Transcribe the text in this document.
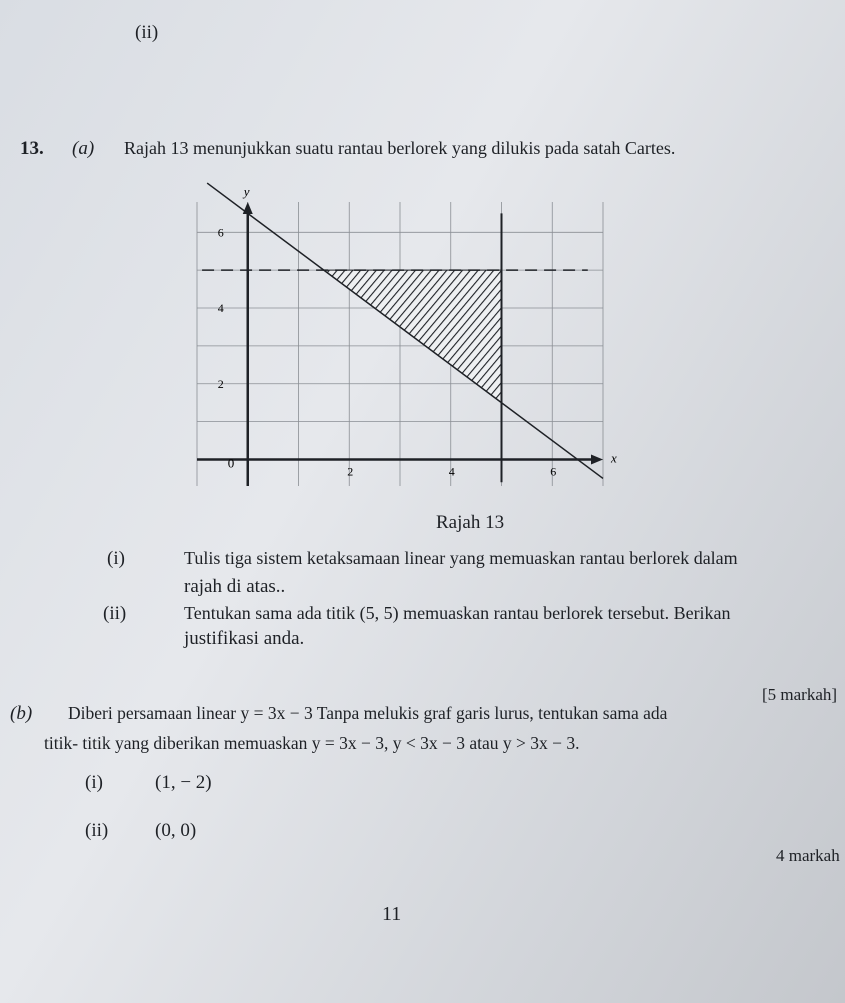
(ii)
13. (a) Rajah 13 menunjukkan suatu rantau berlorek yang dilukis pada satah Cartes.
x
y
0
2	4	6
2
4
6
Rajah 13
(i)	Tulis tiga sistem ketaksamaan linear yang memuaskan rantau berlorek dalam
rajah di atas..
(ii)	Tentukan sama ada titik (5, 5) memuaskan rantau berlorek tersebut. Berikan
justifikasi anda.
[5 markah]
(b) Diberi persamaan linear y = 3x − 3 Tanpa melukis graf garis lurus, tentukan sama ada
titik- titik yang diberikan memuaskan y = 3x − 3, y < 3x − 3 atau y > 3x − 3.
(i)	(1, − 2)
(ii) (0, 0)
4 markah
11
